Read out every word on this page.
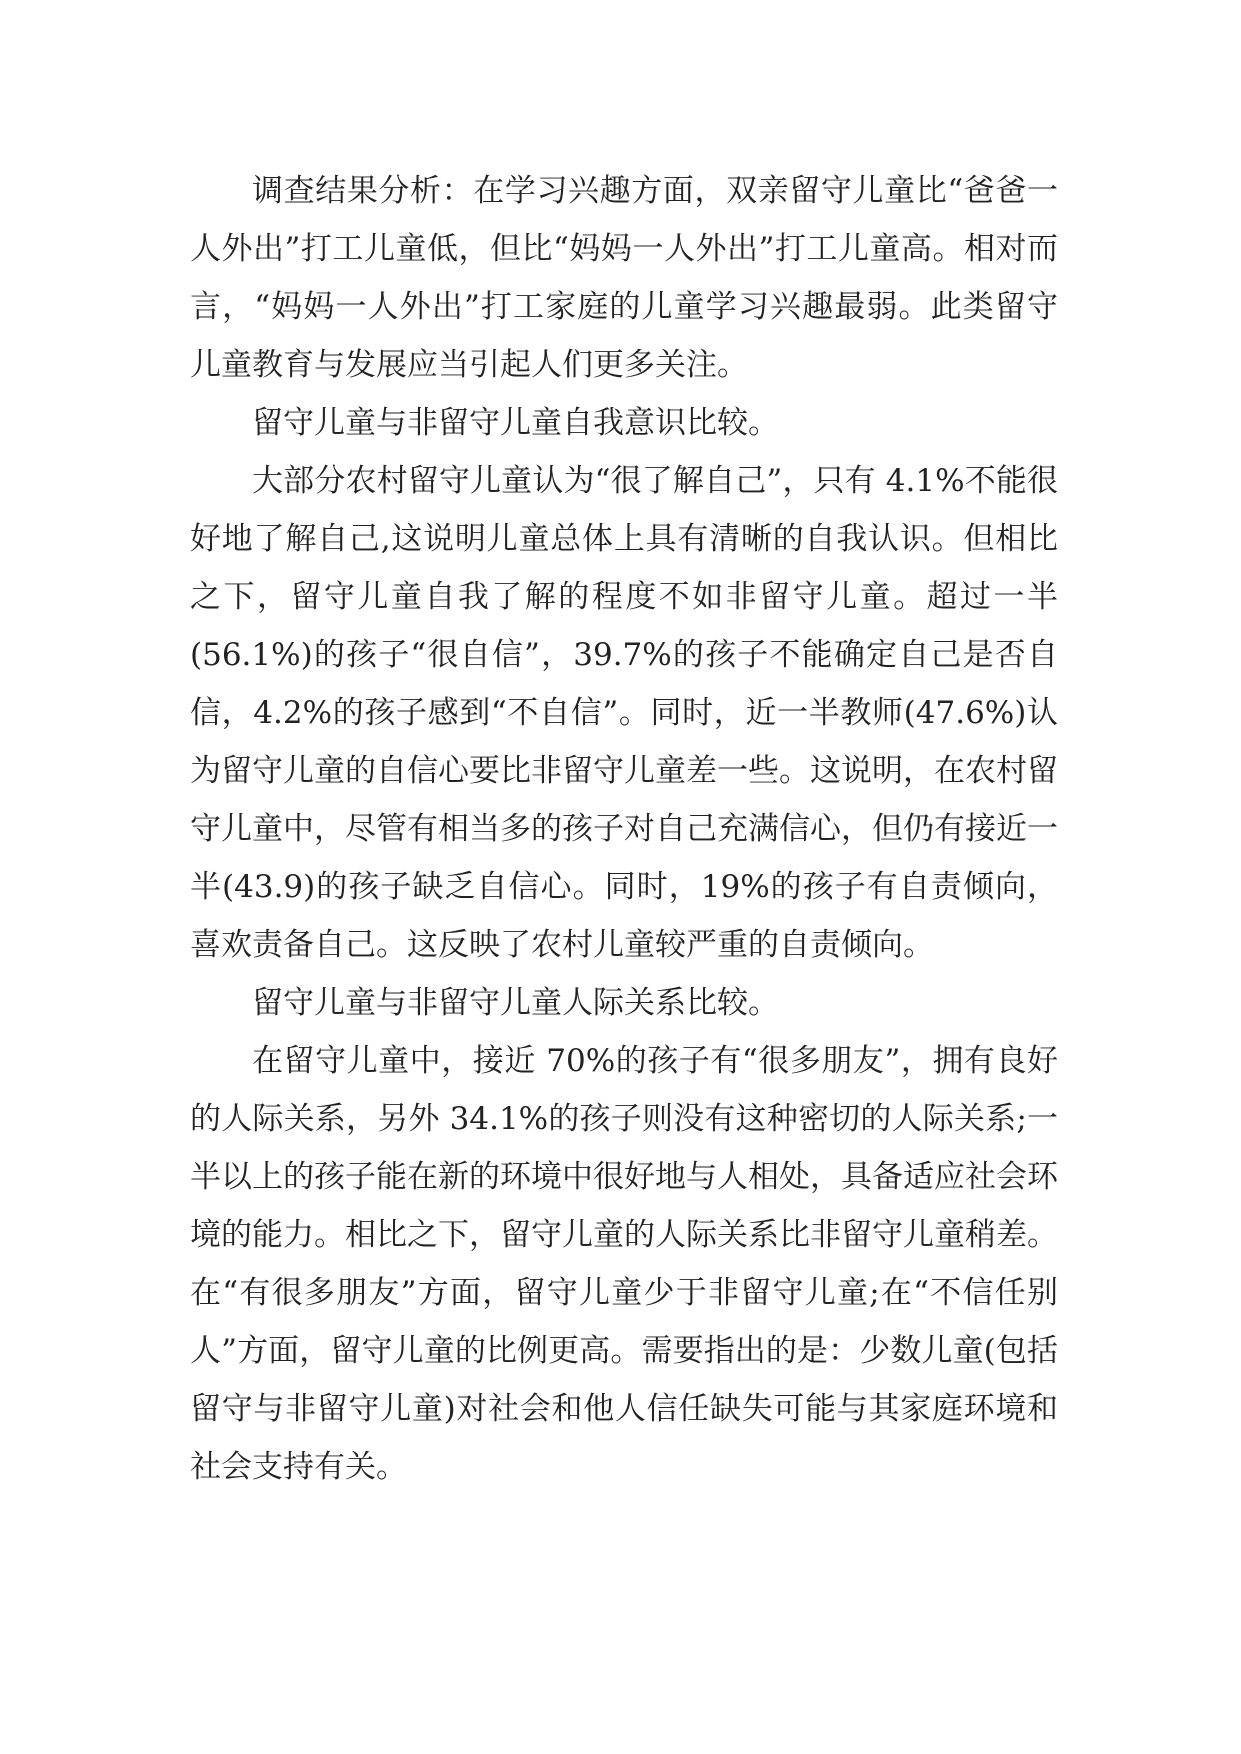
调查结果分析：在学习兴趣方面，双亲留守儿童比“爸爸一人外出”打工儿童低，但比“妈妈一人外出”打工儿童高。相对而言，“妈妈一人外出”打工家庭的儿童学习兴趣最弱。此类留守儿童教育与发展应当引起人们更多关注。

留守儿童与非留守儿童自我意识比较。

大部分农村留守儿童认为“很了解自己”，只有 4.1%不能很好地了解自己,这说明儿童总体上具有清晰的自我认识。但相比之下，留守儿童自我了解的程度不如非留守儿童。超过一半(56.1%)的孩子“很自信”，39.7%的孩子不能确定自己是否自信，4.2%的孩子感到“不自信”。同时，近一半教师(47.6%)认为留守儿童的自信心要比非留守儿童差一些。这说明，在农村留守儿童中，尽管有相当多的孩子对自己充满信心，但仍有接近一半(43.9)的孩子缺乏自信心。同时，19%的孩子有自责倾向，喜欢责备自己。这反映了农村儿童较严重的自责倾向。

留守儿童与非留守儿童人际关系比较。

在留守儿童中，接近 70%的孩子有“很多朋友”，拥有良好的人际关系，另外 34.1%的孩子则没有这种密切的人际关系;一半以上的孩子能在新的环境中很好地与人相处，具备适应社会环境的能力。相比之下，留守儿童的人际关系比非留守儿童稍差。在“有很多朋友”方面，留守儿童少于非留守儿童;在“不信任别人”方面，留守儿童的比例更高。需要指出的是：少数儿童(包括留守与非留守儿童)对社会和他人信任缺失可能与其家庭环境和社会支持有关。
